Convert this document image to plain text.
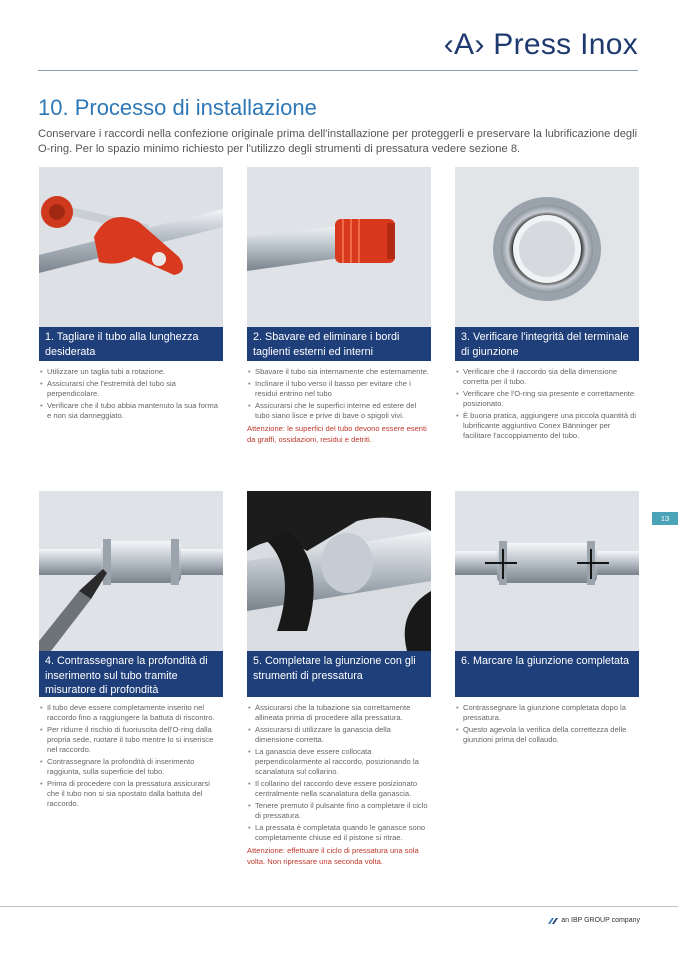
‹A› Press Inox
10. Processo di installazione

Conservare i raccordi nella confezione originale prima dell'installazione per proteggerli e preservare la lubrificazione degli O-ring. Per lo spazio minimo richiesto per l'utilizzo degli strumenti di pressatura vedere sezione 8.

1. Tagliare il tubo alla lunghezza desiderata
• Utilizzare un taglia tubi a rotazione.
• Assicurarsi che l'estremità del tubo sia perpendicolare.
• Verificare che il tubo abbia mantenuto la sua forma e non sia danneggiato.
2. Sbavare ed eliminare i bordi taglienti esterni ed interni
• Sbavare il tubo sia internamente che esternamente.
• Inclinare il tubo verso il basso per evitare che i residui entrino nel tubo
• Assicurarsi che le superfici interne ed estere del tubo siano lisce e prive di bave o spigoli vivi.

Attenzione: le superfici del tubo devono essere esenti da graffi, ossidazioni, residui e detriti.

3. Verificare l'integrità del terminale di giunzione
• Verificare che il raccordo sia della dimensione corretta per il tubo.
• Verificare che l'O-ring sia presente e correttamente posizionato.
• È buona pratica, aggiungere una piccola quantità di lubrificante aggiuntivo Conex Bänninger per facilitare l'accoppiamento del tubo.
4. Contrassegnare la profondità di inserimento sul tubo tramite misuratore di profondità
• Il tubo deve essere completamente inserito nel raccordo fino a raggiungere la battuta di riscontro.
• Per ridurre il rischio di fuoriuscita dell'O-ring dalla propria sede, ruotare il tubo mentre lo si inserisce nel raccordo.
• Contrassegnare la profondità di inserimento raggiunta, sulla superficie del tubo.
• Prima di procedere con la pressatura assicurarsi che il tubo non si sia spostato dalla battuta del raccordo.
5. Completare la giunzione con gli strumenti di pressatura
• Assicurarsi che la tubazione sia correttamente allineata prima di procedere alla pressatura.
• Assicurarsi di utilizzare la ganascia della dimensione corretta.
• La ganascia deve essere collocata perpendicolarmente al raccordo, posizionando la scanalatura sul collarino.
• Il collarino del raccordo deve essere posizionato centralmente nella scanalatura della ganascia.
• Tenere premuto il pulsante fino a completare il ciclo di pressatura.
• La pressata è completata quando le ganasce sono completamente chiuse ed il pistone si ritrae.

Attenzione: effettuare il ciclo di pressatura una sola volta. Non ripressare una seconda volta.

6. Marcare la giunzione completata
• Contrassegnare la giunzione completata dopo la pressatura.
• Questo agevola la verifica della correttezza delle giunzioni prima del collaudo.
13
an IBP GROUP company
